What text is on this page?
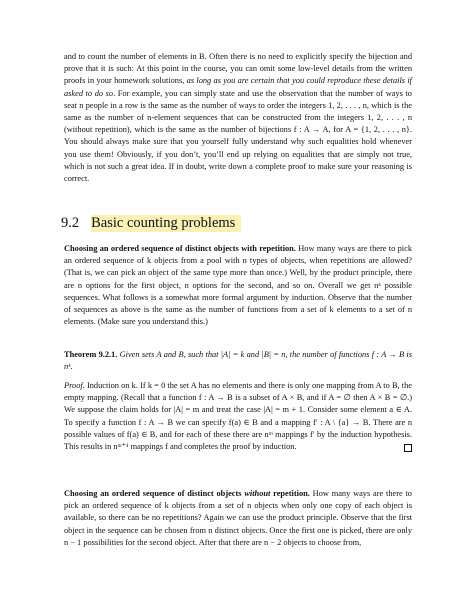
and to count the number of elements in B. Often there is no need to explicitly specify the bijection and prove that it is such: At this point in the course, you can omit some low-level details from the written proofs in your homework solutions, as long as you are certain that you could reproduce these details if asked to do so. For example, you can simply state and use the observation that the number of ways to seat n people in a row is the same as the number of ways to order the integers 1, 2, . . . , n, which is the same as the number of n-element sequences that can be constructed from the integers 1, 2, . . . , n (without repetition), which is the same as the number of bijections f : A → A, for A = {1, 2, . . . , n}. You should always make sure that you yourself fully understand why such equalities hold whenever you use them! Obviously, if you don’t, you’ll end up relying on equalities that are simply not true, which is not such a great idea. If in doubt, write down a complete proof to make sure your reasoning is correct.

9.2 Basic counting problems

Choosing an ordered sequence of distinct objects with repetition. How many ways are there to pick an ordered sequence of k objects from a pool with n types of objects, when repetitions are allowed? (That is, we can pick an object of the same type more than once.) Well, by the product principle, there are n options for the first object, n options for the second, and so on. Overall we get nᵏ possible sequences. What follows is a somewhat more formal argument by induction. Observe that the number of sequences as above is the same as the number of functions from a set of k elements to a set of n elements. (Make sure you understand this.)

Theorem 9.2.1. Given sets A and B, such that |A| = k and |B| = n, the number of functions f : A → B is nᵏ.

Proof. Induction on k. If k = 0 the set A has no elements and there is only one mapping from A to B, the empty mapping. (Recall that a function f : A → B is a subset of A × B, and if A = ∅ then A × B = ∅.) We suppose the claim holds for |A| = m and treat the case |A| = m + 1. Consider some element a ∈ A. To specify a function f : A → B we can specify f(a) ∈ B and a mapping f′ : A \ {a} → B. There are n possible values of f(a) ∈ B, and for each of these there are nᵐ mappings f′ by the induction hypothesis. This results in nᵐ⁺¹ mappings f and completes the proof by induction.

Choosing an ordered sequence of distinct objects without repetition. How many ways are there to pick an ordered sequence of k objects from a set of n objects when only one copy of each object is available, so there can be no repetitions? Again we can use the product principle. Observe that the first object in the sequence can be chosen from n distinct objects. Once the first one is picked, there are only n − 1 possibilities for the second object. After that there are n − 2 objects to choose from,
